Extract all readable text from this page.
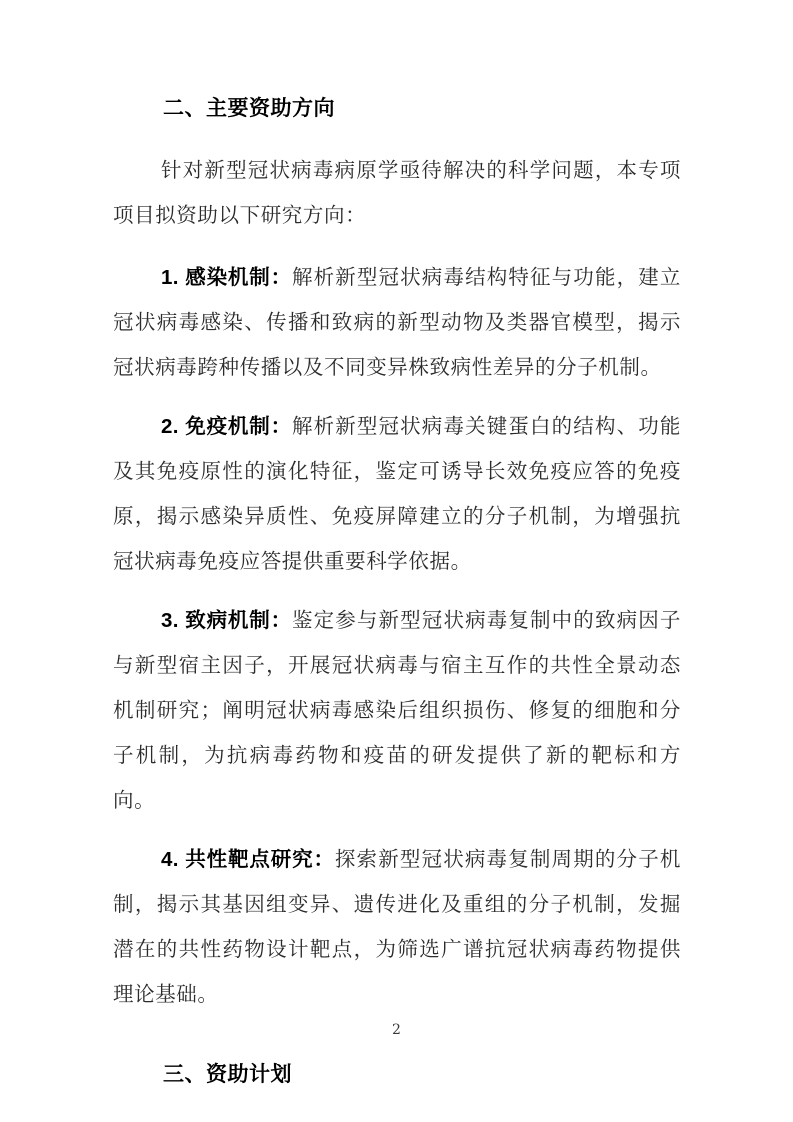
二、主要资助方向

针对新型冠状病毒病原学亟待解决的科学问题，本专项项目拟资助以下研究方向：

1. 感染机制：解析新型冠状病毒结构特征与功能，建立冠状病毒感染、传播和致病的新型动物及类器官模型，揭示冠状病毒跨种传播以及不同变异株致病性差异的分子机制。

2. 免疫机制：解析新型冠状病毒关键蛋白的结构、功能及其免疫原性的演化特征，鉴定可诱导长效免疫应答的免疫原，揭示感染异质性、免疫屏障建立的分子机制，为增强抗冠状病毒免疫应答提供重要科学依据。

3. 致病机制：鉴定参与新型冠状病毒复制中的致病因子与新型宿主因子，开展冠状病毒与宿主互作的共性全景动态机制研究；阐明冠状病毒感染后组织损伤、修复的细胞和分子机制，为抗病毒药物和疫苗的研发提供了新的靶标和方向。

4. 共性靶点研究：探索新型冠状病毒复制周期的分子机制，揭示其基因组变异、遗传进化及重组的分子机制，发掘潜在的共性药物设计靶点，为筛选广谱抗冠状病毒药物提供理论基础。

三、资助计划
2
